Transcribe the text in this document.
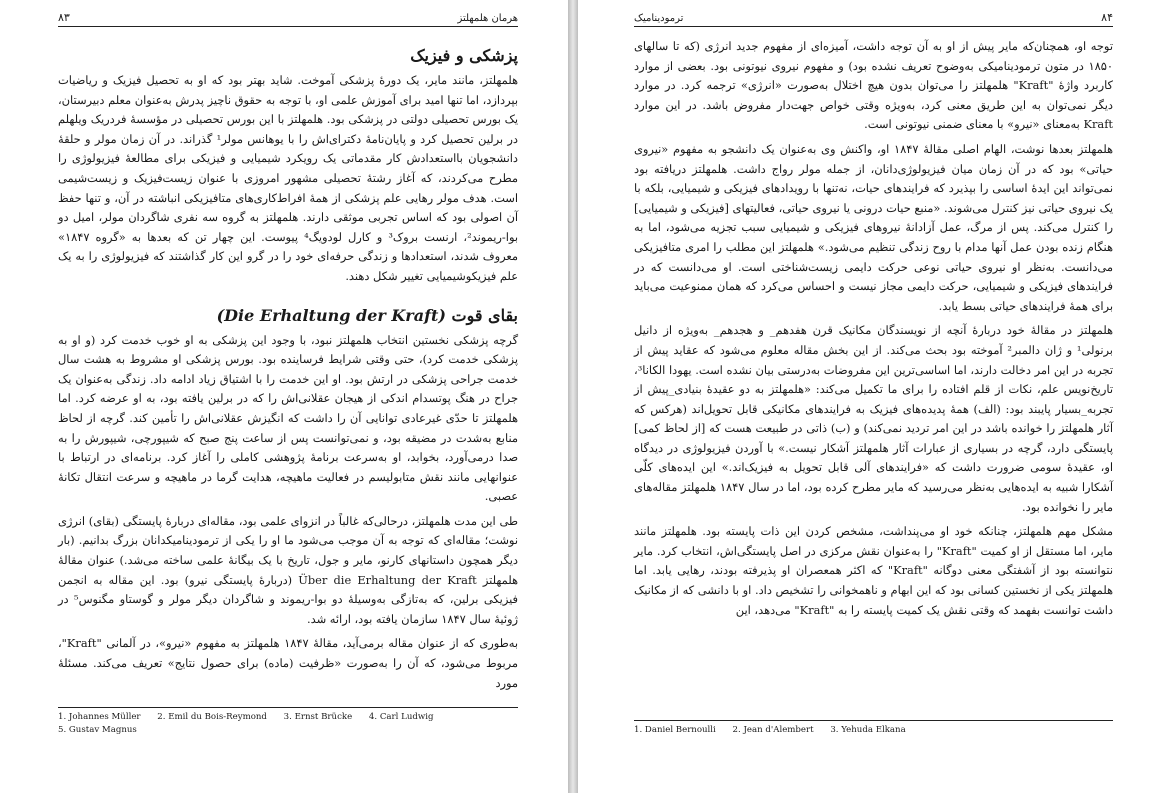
هرمان هلمهلتز
۸۳
پزشکی و فیزیک

هلمهلتز، مانند مایر، یک دورهٔ پزشکی آموخت. شاید بهتر بود که او به تحصیل فیزیک و ریاضیات بپردازد، اما تنها امید برای آموزش علمی او، با توجه به حقوق ناچیز پدرش به‌عنوان معلم دبیرستان، یک بورس تحصیلی دولتی در پزشکی بود. هلمهلتز با این بورس تحصیلی در مؤسسهٔ فردریک ویلهلم در برلین تحصیل کرد و پایان‌نامهٔ دکترای‌اش را با یوهانس مولر¹ گذراند. در آن زمان مولر و حلقهٔ دانشجویان بااستعدادش کار مقدماتی یک رویکرد شیمیایی و فیزیکی برای مطالعهٔ فیزیولوژی را مطرح می‌کردند، که آغاز رشتهٔ تحصیلی مشهور امروزی با عنوان زیست‌فیزیک و زیست‌شیمی است. هدف مولر رهایی علم پزشکی از همهٔ افراط‌کاری‌های متافیزیکی انباشته در آن، و تنها حفظ آن اصولی بود که اساس تجربی موثقی دارند. هلمهلتز به گروه سه نفری شاگردان مولر، امیل دو بوا-ریموند²، ارنست بروک³ و کارل لودویگ⁴ پیوست. این چهار تن که بعدها به «گروه ۱۸۴۷» معروف شدند، استعدادها و زندگی حرفه‌ای خود را در گرو این کار گذاشتند که فیزیولوژی را به یک علم فیزیکوشیمیایی تغییر شکل دهند.

بقای قوت (Die Erhaltung der Kraft)

گرچه پزشکی نخستین انتخاب هلمهلتز نبود، با وجود این پزشکی به او خوب خدمت کرد (و او به پزشکی خدمت کرد)، حتی وقتی شرایط فرساینده بود. بورس پزشکی او مشروط به هشت سال خدمت جراحی پزشکی در ارتش بود. او این خدمت را با اشتیاق زیاد ادامه داد. زندگی به‌عنوان یک جراح در هنگ پوتسدام اندکی از هیجان عقلانی‌اش را که در برلین یافته بود، به او عرضه کرد. اما هلمهلتز تا حدّی غیرعادی توانایی آن را داشت که انگیزش عقلانی‌اش را تأمین کند. گرچه از لحاظ منابع به‌شدت در مضیقه بود، و نمی‌توانست پس از ساعت پنج صبح که شیپورچی، شیپورش را به صدا درمی‌آورد، بخوابد، او به‌سرعت برنامهٔ پژوهشی کاملی را آغاز کرد. برنامه‌ای در ارتباط با عنوانهایی مانند نقش متابولیسم در فعالیت ماهیچه، هدایت گرما در ماهیچه و سرعت انتقال تکانهٔ عصبی.

طی این مدت هلمهلتز، درحالی‌که غالباً در انزوای علمی بود، مقاله‌ای دربارهٔ پایستگی (بقای) انرژی نوشت؛ مقاله‌ای که توجه به آن موجب می‌شود ما او را یکی از ترمودینامیکدانان بزرگ بدانیم. (بار دیگر همچون داستانهای کارنو، مایر و جول، تاریخ با یک بیگانهٔ علمی ساخته می‌شد.) عنوان مقالهٔ هلمهلتز Über die Erhaltung der Kraft (دربارهٔ پایستگی نیرو) بود. این مقاله به انجمن فیزیکی برلین، که به‌تازگی به‌وسیلهٔ دو بوا-ریموند و شاگردان دیگر مولر و گوستاو مگنوس⁵ در ژوئیهٔ سال ۱۸۴۷ سازمان یافته بود، ارائه شد.

به‌طوری که از عنوان مقاله برمی‌آید، مقالهٔ ۱۸۴۷ هلمهلتز به مفهوم «نیرو»، در آلمانی "Kraft"، مربوط می‌شود، که آن را به‌صورت «ظرفیت (ماده) برای حصول نتایج» تعریف می‌کند. مسئلهٔ مورد

1. Johannes Müller 2. Emil du Bois-Reymond 3. Ernst Brücke 4. Carl Ludwig
5. Gustav Magnus
۸۴
ترمودینامیک

توجه او، همچنان‌که مایر پیش از او به آن توجه داشت، آمیزه‌ای از مفهوم جدید انرژی (که تا سالهای ۱۸۵۰ در متون ترمودینامیکی به‌وضوح تعریف نشده بود) و مفهوم نیروی نیوتونی بود. بعضی از موارد کاربرد واژهٔ "Kraft" هلمهلتز را می‌توان بدون هیچ اختلال به‌صورت «انرژی» ترجمه کرد. در موارد دیگر نمی‌توان به این طریق معنی کرد، به‌ویژه وقتی خواص جهت‌دار مفروض باشد. در این موارد Kraft به‌معنای «نیرو» با معنای ضمنی نیوتونی است.

هلمهلتز بعدها نوشت، الهام اصلی مقالهٔ ۱۸۴۷ او، واکنش وی به‌عنوان یک دانشجو به مفهوم «نیروی حیاتی» بود که در آن زمان میان فیزیولوژی‌دانان، از جمله مولر رواج داشت. هلمهلتز دریافته بود نمی‌تواند این ایدهٔ اساسی را بپذیرد که فرایندهای حیات، نه‌تنها با رویدادهای فیزیکی و شیمیایی، بلکه با یک نیروی حیاتی نیز کنترل می‌شوند. «منبع حیات درونی یا نیروی حیاتی، فعالیتهای [فیزیکی و شیمیایی] را کنترل می‌کند. پس از مرگ، عمل آزادانهٔ نیروهای فیزیکی و شیمیایی سبب تجزیه می‌شود، اما به هنگام زنده بودن عمل آنها مدام با روح زندگی تنظیم می‌شود.» هلمهلتز این مطلب را امری متافیزیکی می‌دانست. به‌نظر او نیروی حیاتی نوعی حرکت دایمی زیست‌شناختی است. او می‌دانست که در فرایندهای فیزیکی و شیمیایی، حرکت دایمی مجاز نیست و احساس می‌کرد که همان ممنوعیت می‌باید برای همهٔ فرایندهای حیاتی بسط یابد.

هلمهلتز در مقالهٔ خود دربارهٔ آنچه از نویسندگان مکانیک قرن هفدهم_ و هجدهم_ به‌ویژه از دانیل برنولی¹ و ژان دالمبر² آموخته بود بحث می‌کند. از این بخش مقاله معلوم می‌شود که عقاید پیش از تجربه در این امر دخالت دارند، اما اساسی‌ترین این مفروضات به‌درستی بیان نشده است. یهودا الکانا³، تاریخ‌نویس علم، نکات از قلم افتاده را برای ما تکمیل می‌کند: «هلمهلتز به دو عقیدهٔ بنیادی_پیش از تجربه_بسیار پایبند بود: (الف) همهٔ پدیده‌های فیزیک به فرایندهای مکانیکی قابل تحویل‌اند (هرکس که آثار هلمهلتز را خوانده باشد در این امر تردید نمی‌کند) و (ب) ذاتی در طبیعت هست که [از لحاظ کمی] پایستگی دارد، گرچه در بسیاری از عبارات آثار هلمهلتز آشکار نیست.» با آوردن فیزیولوژی در دیدگاه او، عقیدهٔ سومی ضرورت داشت که «فرایندهای آلی قابل تحویل به فیزیک‌اند.» این ایده‌های کلّی آشکارا شبیه به ایده‌هایی به‌نظر می‌رسید که مایر مطرح کرده بود، اما در سال ۱۸۴۷ هلمهلتز مقاله‌های مایر را نخوانده بود.

مشکل مهم هلمهلتز، چنانکه خود او می‌پنداشت، مشخص کردن این ذات پایسته بود. هلمهلتز مانند مایر، اما مستقل از او کمیت "Kraft" را به‌عنوان نقش مرکزی در اصل پایستگی‌اش، انتخاب کرد. مایر نتوانسته بود از آشفتگی معنی دوگانه "Kraft" که اکثر همعصران او پذیرفته بودند، رهایی یابد. اما هلمهلتز یکی از نخستین کسانی بود که این ابهام و ناهمخوانی را تشخیص داد. او با دانشی که از مکانیک داشت توانست بفهمد که وقتی نقش یک کمیت پایسته را به "Kraft" می‌دهد، این

1. Daniel Bernoulli 2. Jean d'Alembert 3. Yehuda Elkana
